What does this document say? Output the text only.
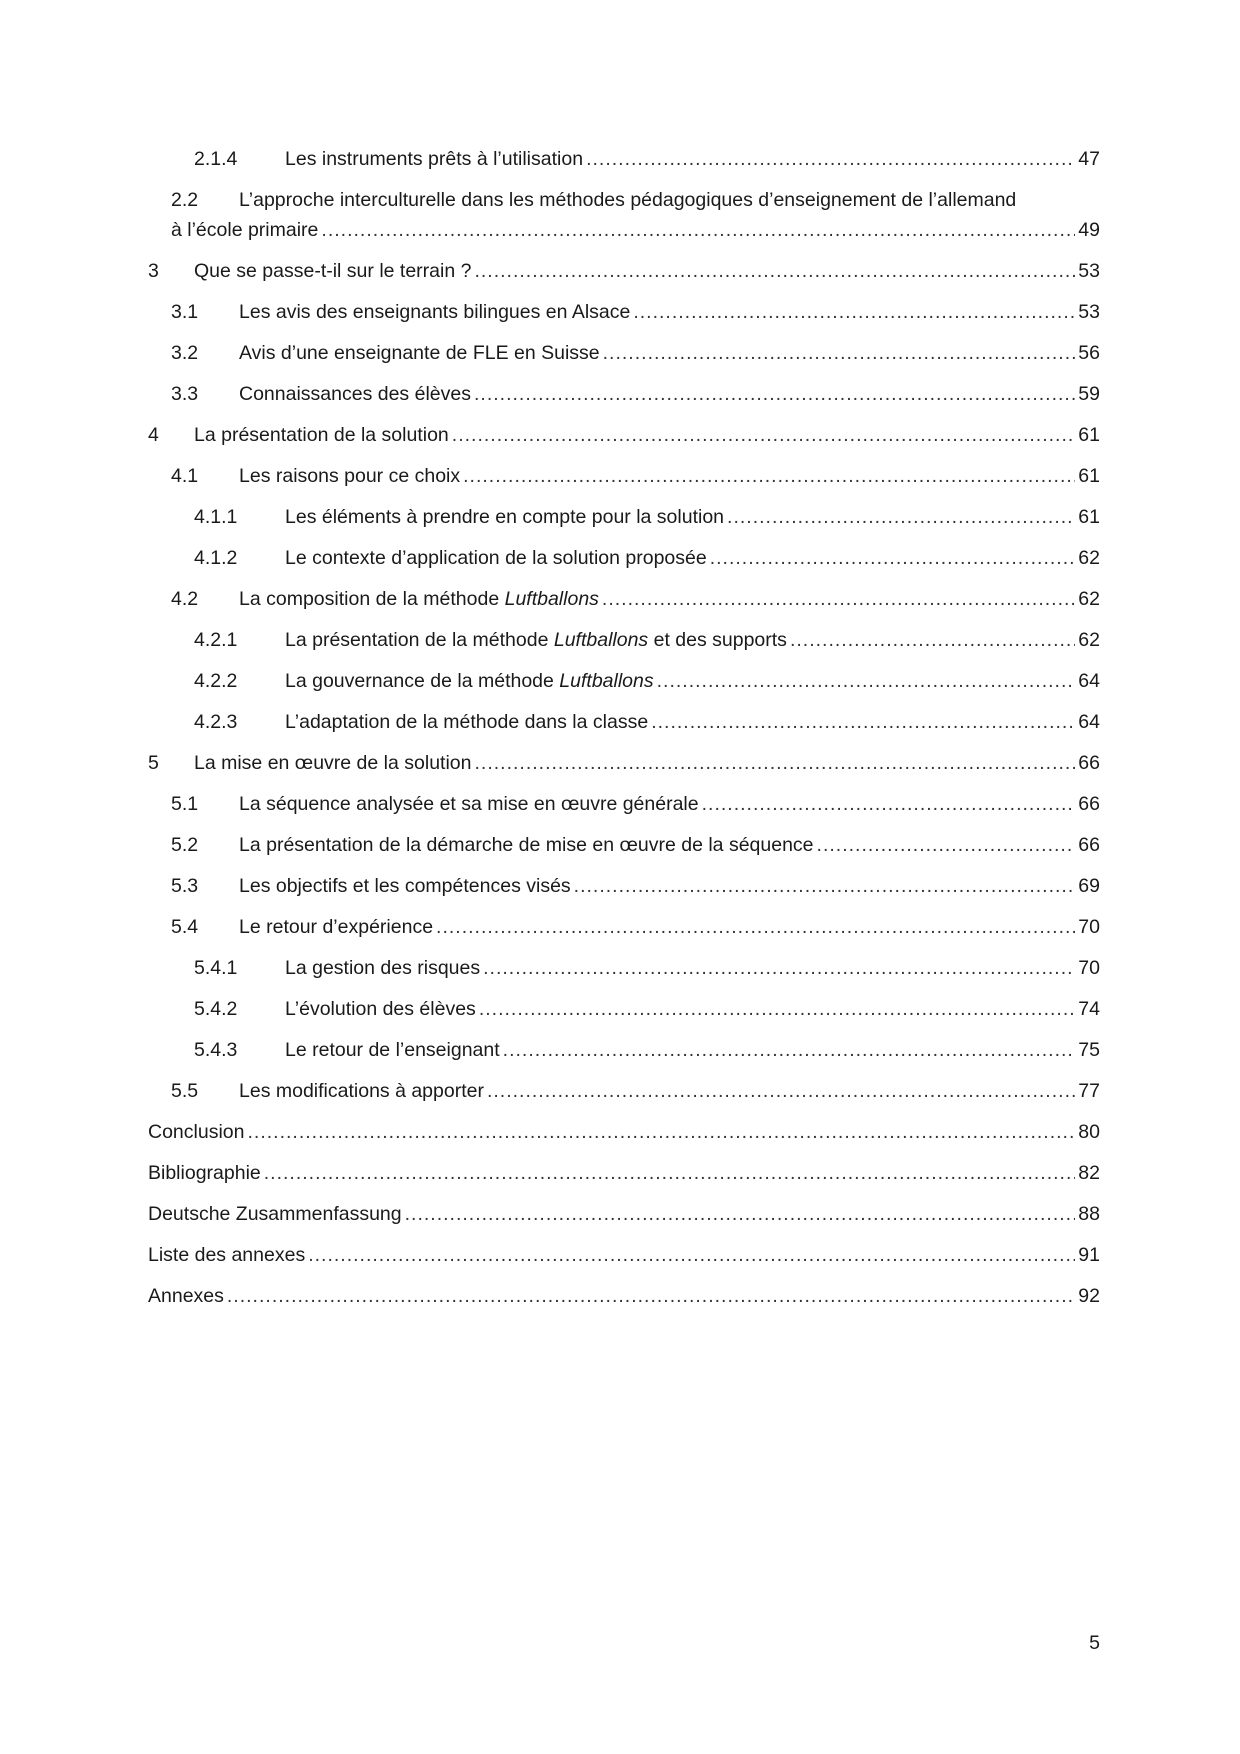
2.1.4	Les instruments prêts à l’utilisation .....	47
2.2 L’approche interculturelle dans les méthodes pédagogiques d’enseignement de l’allemand
à l’école primaire .....	49
3	Que se passe-t-il sur le terrain ? .....	53
3.1	Les avis des enseignants bilingues en Alsace .....	53
3.2	Avis d’une enseignante de FLE en Suisse .....	56
3.3	Connaissances des élèves .....	59
4	La présentation de la solution .....	61
4.1	Les raisons pour ce choix .....	61
4.1.1	Les éléments à prendre en compte pour la solution .....	61
4.1.2	Le contexte d’application de la solution proposée .....	62
4.2	La composition de la méthode Luftballons .....	62
4.2.1	La présentation de la méthode Luftballons et des supports .....	62
4.2.2	La gouvernance de la méthode Luftballons .....	64
4.2.3	L’adaptation de la méthode dans la classe .....	64
5	La mise en œuvre de la solution .....	66
5.1	La séquence analysée et sa mise en œuvre générale .....	66
5.2	La présentation de la démarche de mise en œuvre de la séquence .....	66
5.3	Les objectifs et les compétences visés .....	69
5.4	Le retour d’expérience .....	70
5.4.1	La gestion des risques .....	70
5.4.2	L’évolution des élèves .....	74
5.4.3	Le retour de l’enseignant .....	75
5.5	Les modifications à apporter .....	77
Conclusion .....	80
Bibliographie .....	82
Deutsche Zusammenfassung .....	88
Liste des annexes .....	91
Annexes .....	92
5
